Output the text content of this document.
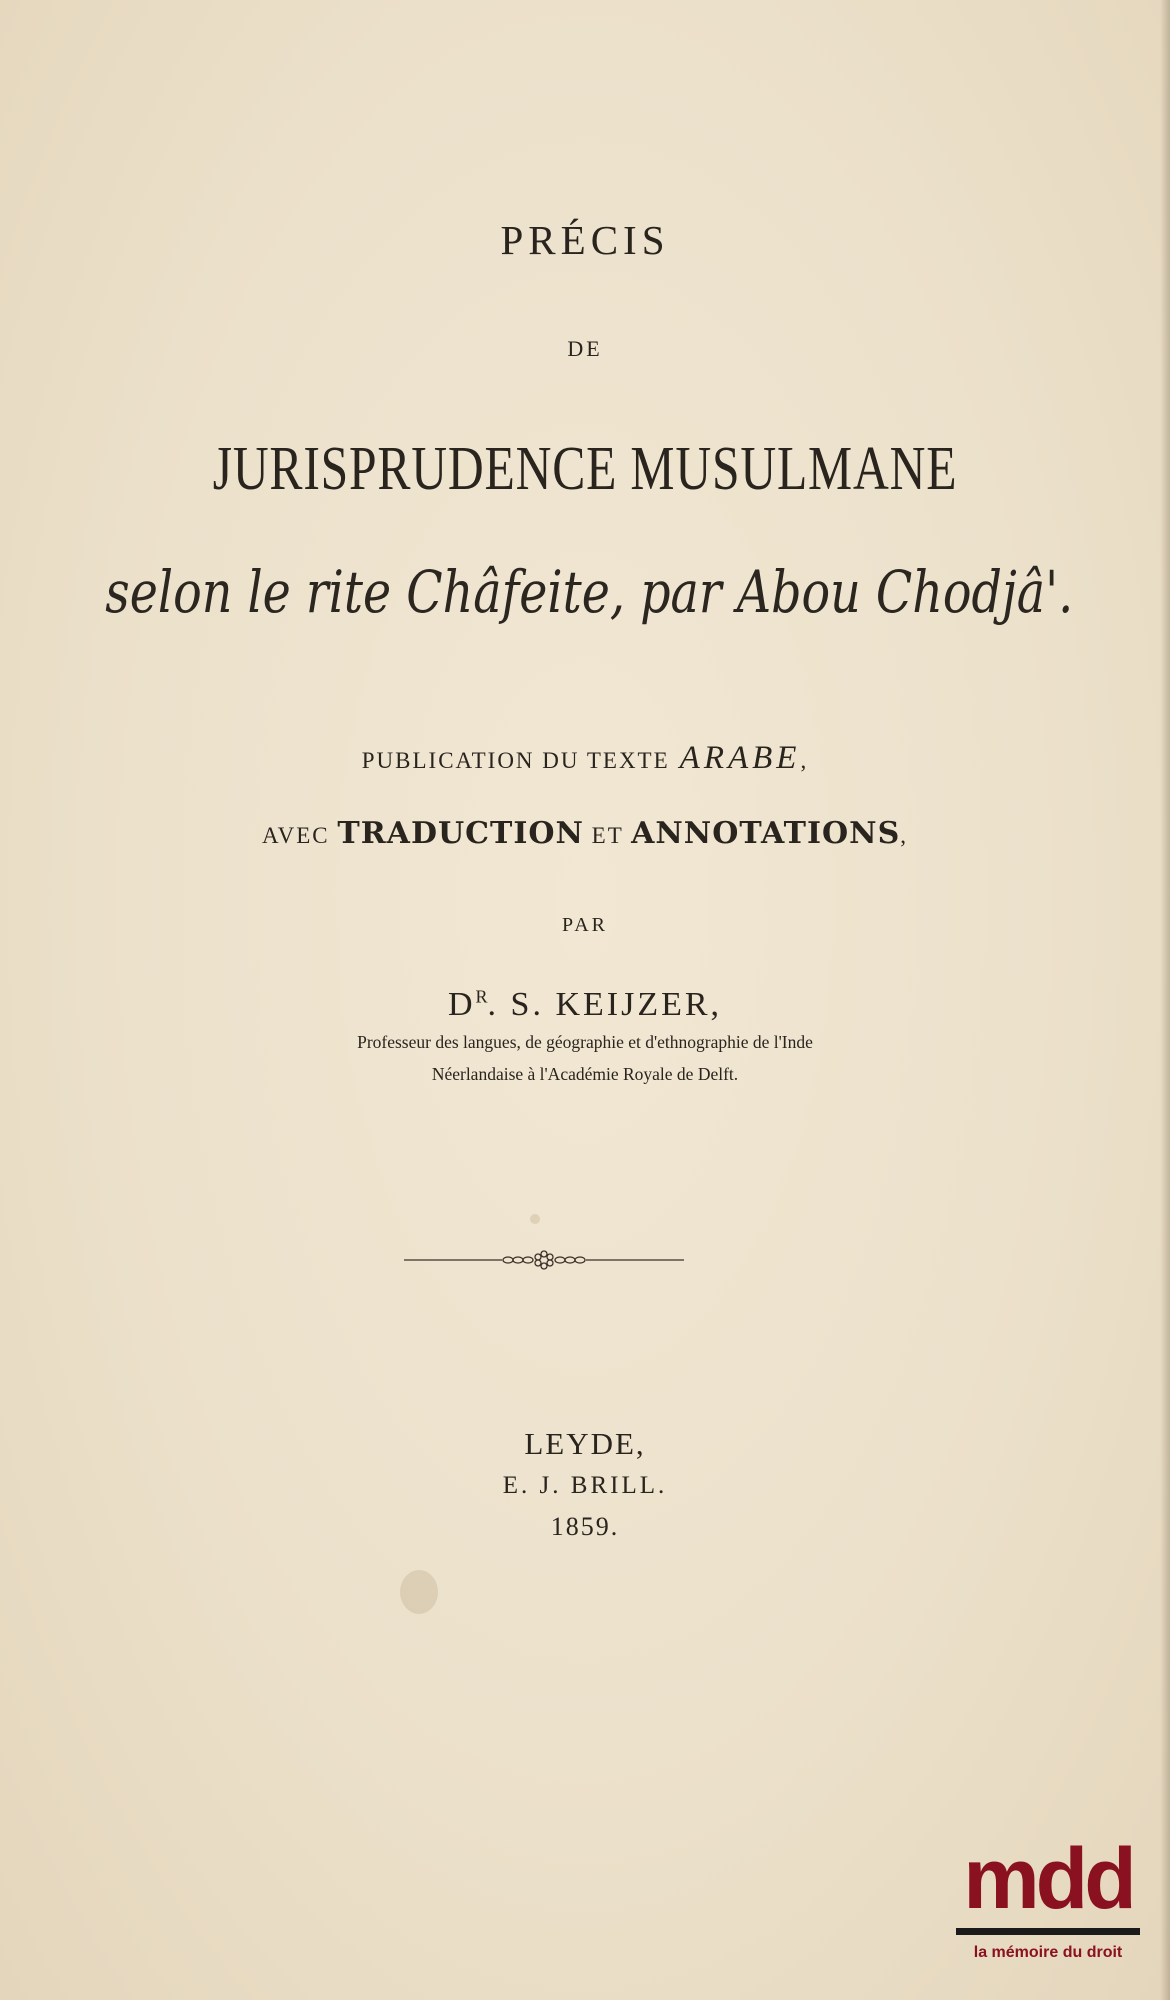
PRÉCIS
DE
JURISPRUDENCE MUSULMANE
selon le rite Châfeite, par Abou Chodjâ'.
PUBLICATION DU TEXTE ARABE,
AVEC TRADUCTION ET ANNOTATIONS,
PAR
$D^R$. S. KEIJZER,
Professeur des langues, de géographie et d'ethnographie de l'Inde
Néerlandaise à l'Académie Royale de Delft.
LEYDE,
E. J. BRILL.
1859.
mdd
la mémoire du droit
